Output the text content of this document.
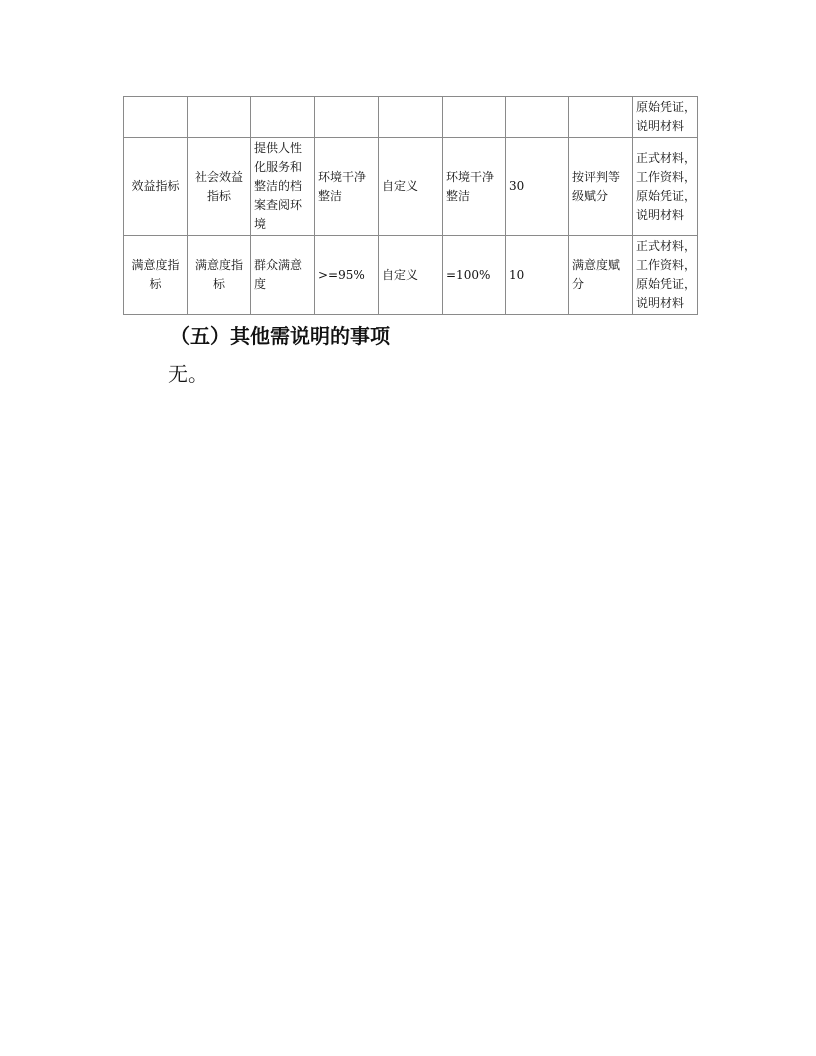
								原始凭证，
说明材料

效益指标	社会效益指标	提供人性化服务和整洁的档案查阅环境	环境干净整洁	自定义	环境干净整洁	30	按评判等级赋分	正式材料，
工作资料，
原始凭证，
说明材料

满意度指标	满意度指标	群众满意度	>=95%	自定义	=100%	10	满意度赋分	正式材料，
工作资料，
原始凭证，
说明材料
（五）其他需说明的事项
无。
